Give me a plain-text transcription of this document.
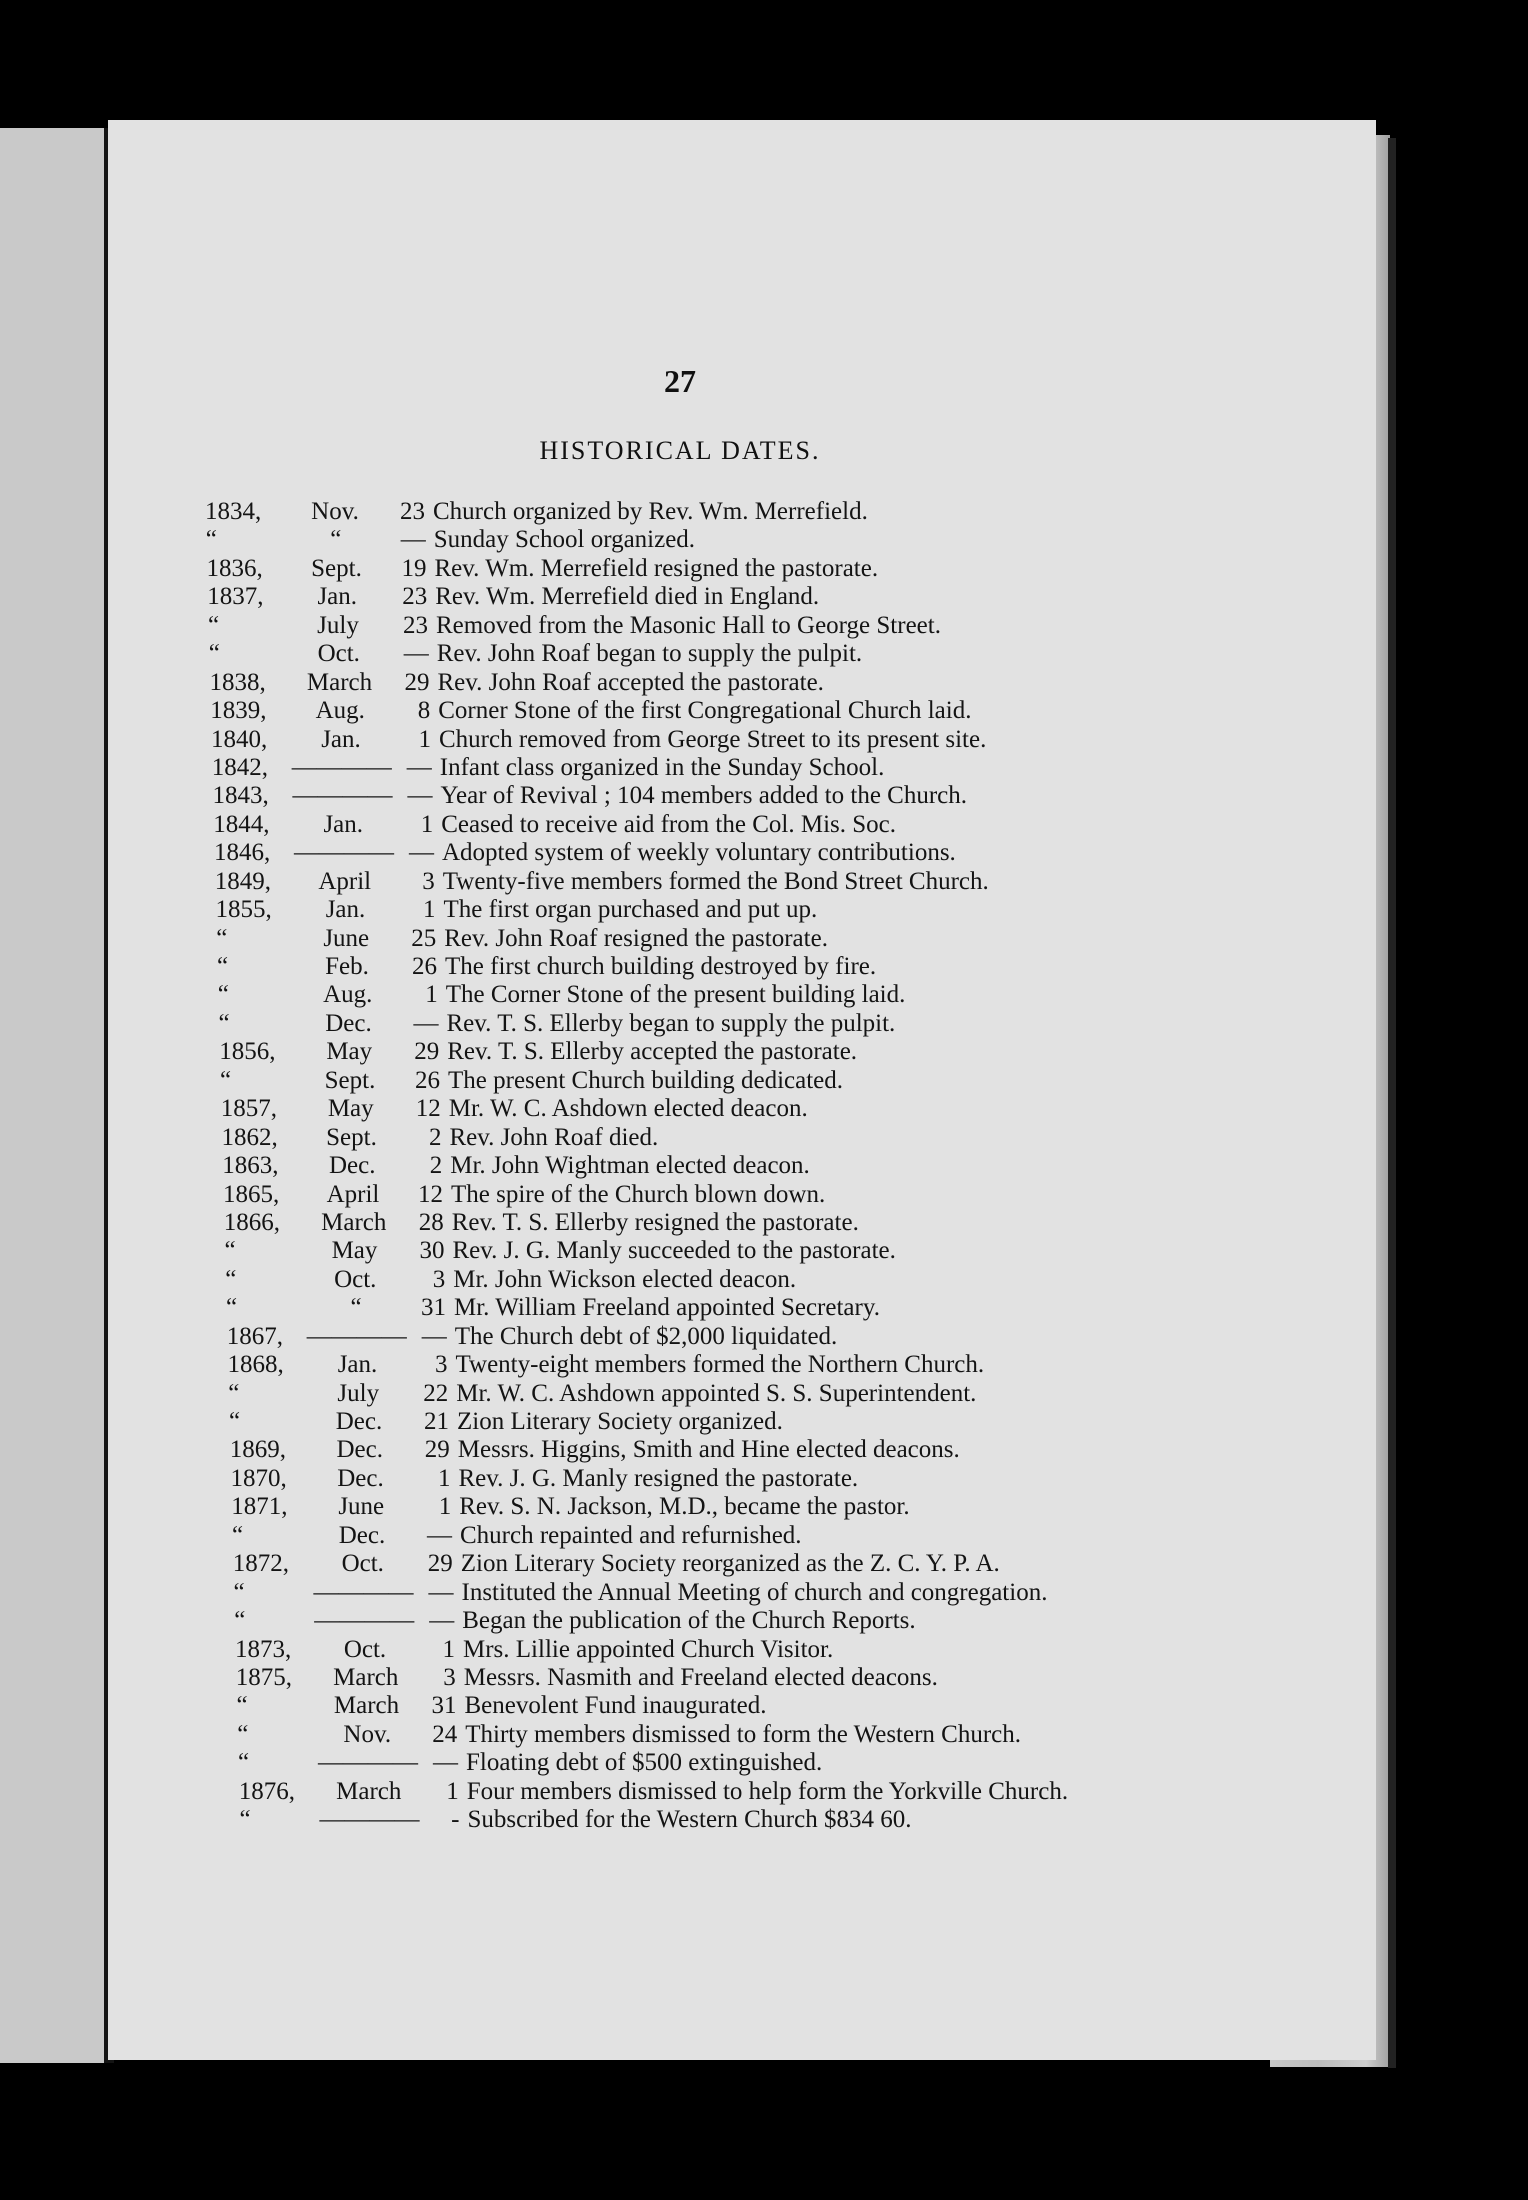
27
HISTORICAL DATES.
1834,	Nov.	23 Church organized by Rev. Wm. Merrefield.
“	“	— Sunday School organized.
1836,	Sept.	19 Rev. Wm. Merrefield resigned the pastorate.
1837,	Jan.	23 Rev. Wm. Merrefield died in England.
“	July	23 Removed from the Masonic Hall to George Street.
“	Oct.	— Rev. John Roaf began to supply the pulpit.
1838,	March	29 Rev. John Roaf accepted the pastorate.
1839,	Aug.	8 Corner Stone of the first Congregational Church laid.
1840,	Jan.	1 Church removed from George Street to its present site.
1842, ———— — Infant class organized in the Sunday School.
1843, ———— — Year of Revival ; 104 members added to the Church.
1844,	Jan.	1 Ceased to receive aid from the Col. Mis. Soc.
1846, ———— — Adopted system of weekly voluntary contributions.
1849,	April	3 Twenty-five members formed the Bond Street Church.
1855,	Jan.	1 The first organ purchased and put up.
“	June	25 Rev. John Roaf resigned the pastorate.
“	Feb.	26 The first church building destroyed by fire.
“	Aug.	1 The Corner Stone of the present building laid.
“	Dec.	— Rev. T. S. Ellerby began to supply the pulpit.
1856,	May	29 Rev. T. S. Ellerby accepted the pastorate.
“	Sept.	26 The present Church building dedicated.
1857,	May	12 Mr. W. C. Ashdown elected deacon.
1862,	Sept.	2 Rev. John Roaf died.
1863,	Dec.	2 Mr. John Wightman elected deacon.
1865,	April	12 The spire of the Church blown down.
1866,	March	28 Rev. T. S. Ellerby resigned the pastorate.
“	May	30 Rev. J. G. Manly succeeded to the pastorate.
“	Oct.	3 Mr. John Wickson elected deacon.
“	“	31 Mr. William Freeland appointed Secretary.
1867, ———— — The Church debt of $2,000 liquidated.
1868,	Jan.	3 Twenty-eight members formed the Northern Church.
“	July	22 Mr. W. C. Ashdown appointed S. S. Superintendent.
“	Dec.	21 Zion Literary Society organized.
1869,	Dec.	29 Messrs. Higgins, Smith and Hine elected deacons.
1870,	Dec.	1 Rev. J. G. Manly resigned the pastorate.
1871,	June	1 Rev. S. N. Jackson, M.D., became the pastor.
“	Dec.	— Church repainted and refurnished.
1872,	Oct.	29 Zion Literary Society reorganized as the Z. C. Y. P. A.
“	———— — Instituted the Annual Meeting of church and congregation.
“	———— — Began the publication of the Church Reports.
1873,	Oct.	1 Mrs. Lillie appointed Church Visitor.
1875,	March	3 Messrs. Nasmith and Freeland elected deacons.
“	March	31 Benevolent Fund inaugurated.
“	Nov.	24 Thirty members dismissed to form the Western Church.
“	———— — Floating debt of $500 extinguished.
1876,	March	1 Four members dismissed to help form the Yorkville Church.
“	————	- Subscribed for the Western Church $834 60.
